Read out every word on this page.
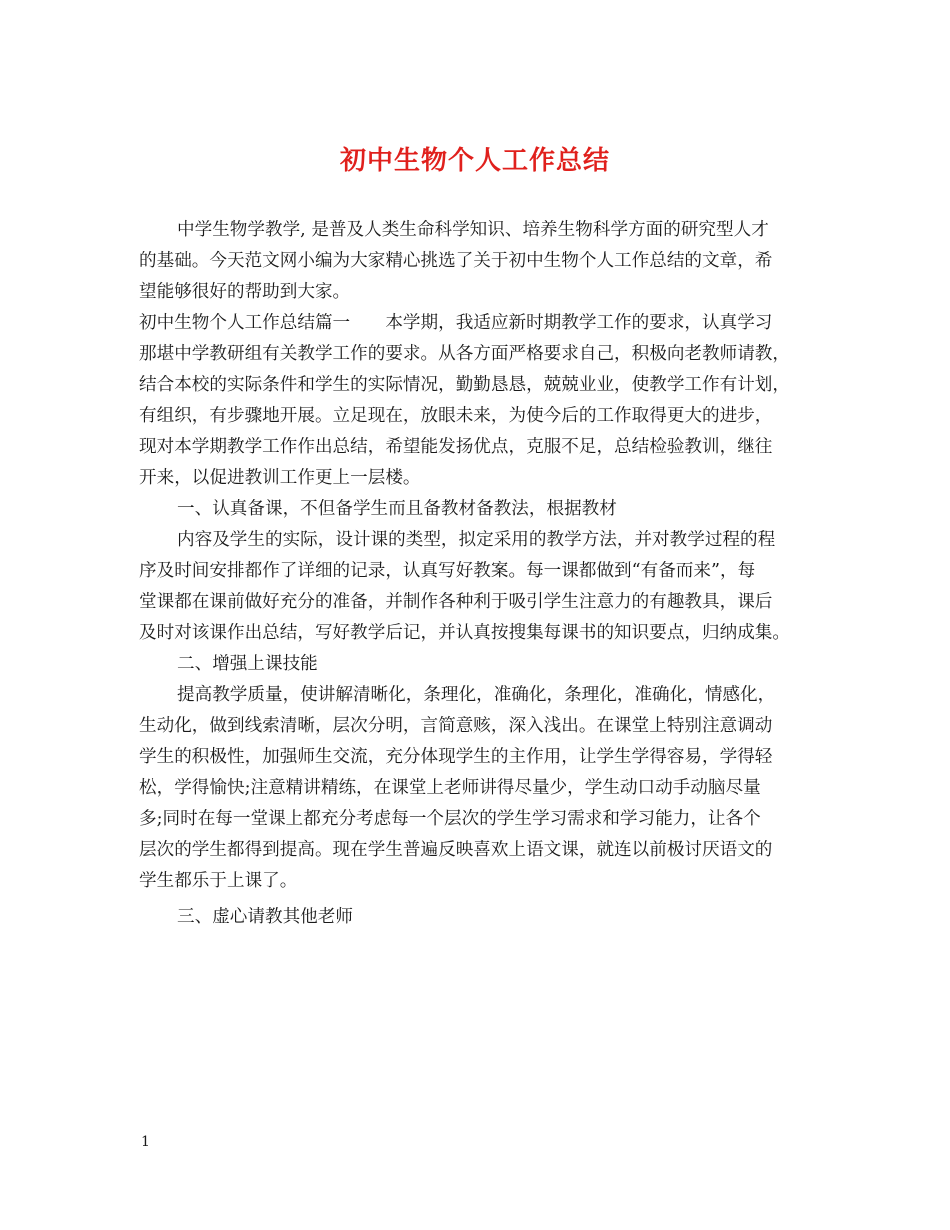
初中生物个人工作总结
中学生物学教学, 是普及人类生命科学知识、培养生物科学方面的研究型人才
的基础。今天范文网小编为大家精心挑选了关于初中生物个人工作总结的文章，希
望能够很好的帮助到大家。
初中生物个人工作总结篇一　　本学期，我适应新时期教学工作的要求，认真学习
那堪中学教研组有关教学工作的要求。从各方面严格要求自己，积极向老教师请教，
结合本校的实际条件和学生的实际情况，勤勤恳恳，兢兢业业，使教学工作有计划，
有组织，有步骤地开展。立足现在，放眼未来，为使今后的工作取得更大的进步，
现对本学期教学工作作出总结，希望能发扬优点，克服不足，总结检验教训，继往
开来，以促进教训工作更上一层楼。
一、认真备课，不但备学生而且备教材备教法，根据教材
内容及学生的实际，设计课的类型，拟定采用的教学方法，并对教学过程的程
序及时间安排都作了详细的记录，认真写好教案。每一课都做到“有备而来”，每
堂课都在课前做好充分的准备，并制作各种利于吸引学生注意力的有趣教具，课后
及时对该课作出总结，写好教学后记，并认真按搜集每课书的知识要点，归纳成集。
二、增强上课技能
提高教学质量，使讲解清晰化，条理化，准确化，条理化，准确化，情感化，
生动化，做到线索清晰，层次分明，言简意赅，深入浅出。在课堂上特别注意调动
学生的积极性，加强师生交流，充分体现学生的主作用，让学生学得容易，学得轻
松，学得愉快;注意精讲精练，在课堂上老师讲得尽量少，学生动口动手动脑尽量
多;同时在每一堂课上都充分考虑每一个层次的学生学习需求和学习能力，让各个
层次的学生都得到提高。现在学生普遍反映喜欢上语文课，就连以前极讨厌语文的
学生都乐于上课了。
三、虚心请教其他老师
1
